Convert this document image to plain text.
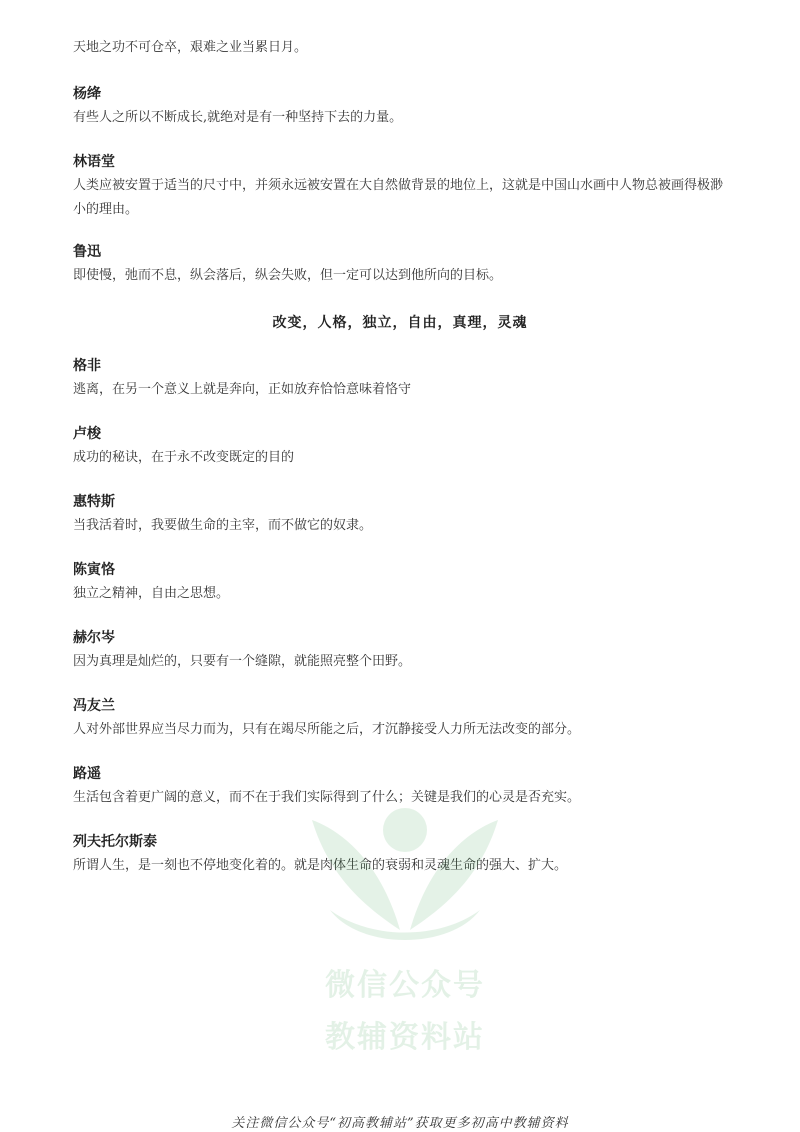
天地之功不可仓卒，艰难之业当累日月。
杨绛
有些人之所以不断成长,就绝对是有一种坚持下去的力量。
林语堂
人类应被安置于适当的尺寸中，并须永远被安置在大自然做背景的地位上，这就是中国山水画中人物总被画得极渺小的理由。
鲁迅
即使慢，弛而不息，纵会落后，纵会失败，但一定可以达到他所向的目标。
改变，人格，独立，自由，真理，灵魂
格非
逃离，在另一个意义上就是奔向，正如放弃恰恰意味着恪守
卢梭
成功的秘诀，在于永不改变既定的目的
惠特斯
当我活着时，我要做生命的主宰，而不做它的奴隶。
陈寅恪
独立之精神，自由之思想。
赫尔岑
因为真理是灿烂的，只要有一个缝隙，就能照亮整个田野。
冯友兰
人对外部世界应当尽力而为，只有在竭尽所能之后，才沉静接受人力所无法改变的部分。
路遥
生活包含着更广阔的意义，而不在于我们实际得到了什么；关键是我们的心灵是否充实。
列夫托尔斯泰
所谓人生，是一刻也不停地变化着的。就是肉体生命的衰弱和灵魂生命的强大、扩大。
微信公众号
教辅资料站
关注微信公众号“初高教辅站”获取更多初高中教辅资料
